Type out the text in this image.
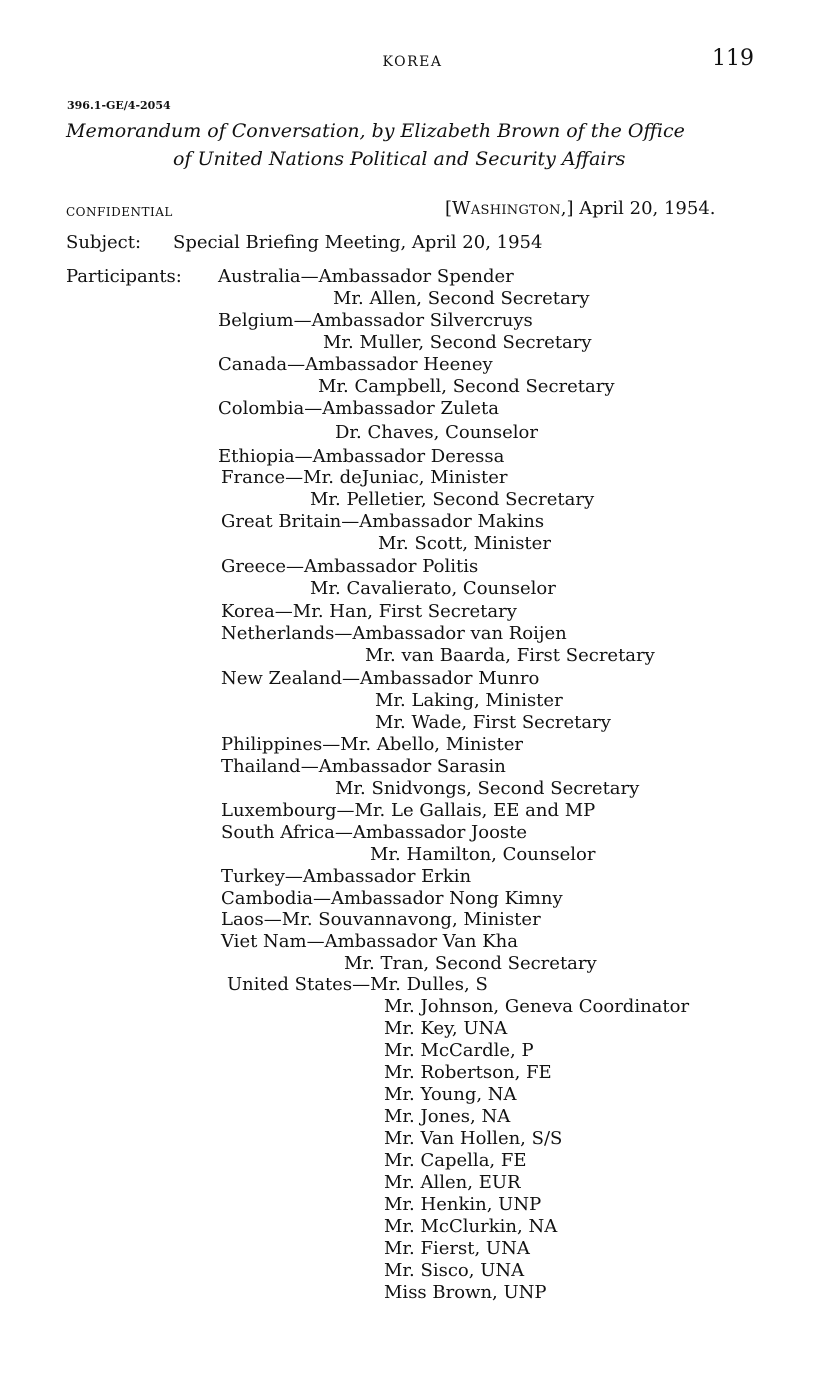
KOREA	119
396.1-GE/4-2054
Memorandum of Conversation, by Elizabeth Brown of the Office
of United Nations Political and Security Affairs
CONFIDENTIAL	[WASHINGTON,] April 20, 1954.
Subject: Special Briefing Meeting, April 20, 1954
Participants: Australia—Ambassador Spender
Mr. Allen, Second Secretary
Belgium—Ambassador Silvercruys
Mr. Muller, Second Secretary
Canada—Ambassador Heeney
Mr. Campbell, Second Secretary
Colombia—Ambassador Zuleta
Dr. Chaves, Counselor
Ethiopia—Ambassador Deressa
France—Mr. deJuniac, Minister
Mr. Pelletier, Second Secretary
Great Britain—Ambassador Makins
Mr. Scott, Minister
Greece—Ambassador Politis
Mr. Cavalierato, Counselor
Korea—Mr. Han, First Secretary
Netherlands—Ambassador van Roijen
Mr. van Baarda, First Secretary
New Zealand—Ambassador Munro
Mr. Laking, Minister
Mr. Wade, First Secretary
Philippines—Mr. Abello, Minister
Thailand—Ambassador Sarasin
Mr. Snidvongs, Second Secretary
Luxembourg—Mr. Le Gallais, EE and MP
South Africa—Ambassador Jooste
Mr. Hamilton, Counselor
Turkey—Ambassador Erkin
Cambodia—Ambassador Nong Kimny
Laos—Mr. Souvannavong, Minister
Viet Nam—Ambassador Van Kha
Mr. Tran, Second Secretary
United States—Mr. Dulles, S
Mr. Johnson, Geneva Coordinator
Mr. Key, UNA
Mr. McCardle, P
Mr. Robertson, FE
Mr. Young, NA
Mr. Jones, NA
Mr. Van Hollen, S/S
Mr. Capella, FE
Mr. Allen, EUR
Mr. Henkin, UNP
Mr. McClurkin, NA
Mr. Fierst, UNA
Mr. Sisco, UNA
Miss Brown, UNP
